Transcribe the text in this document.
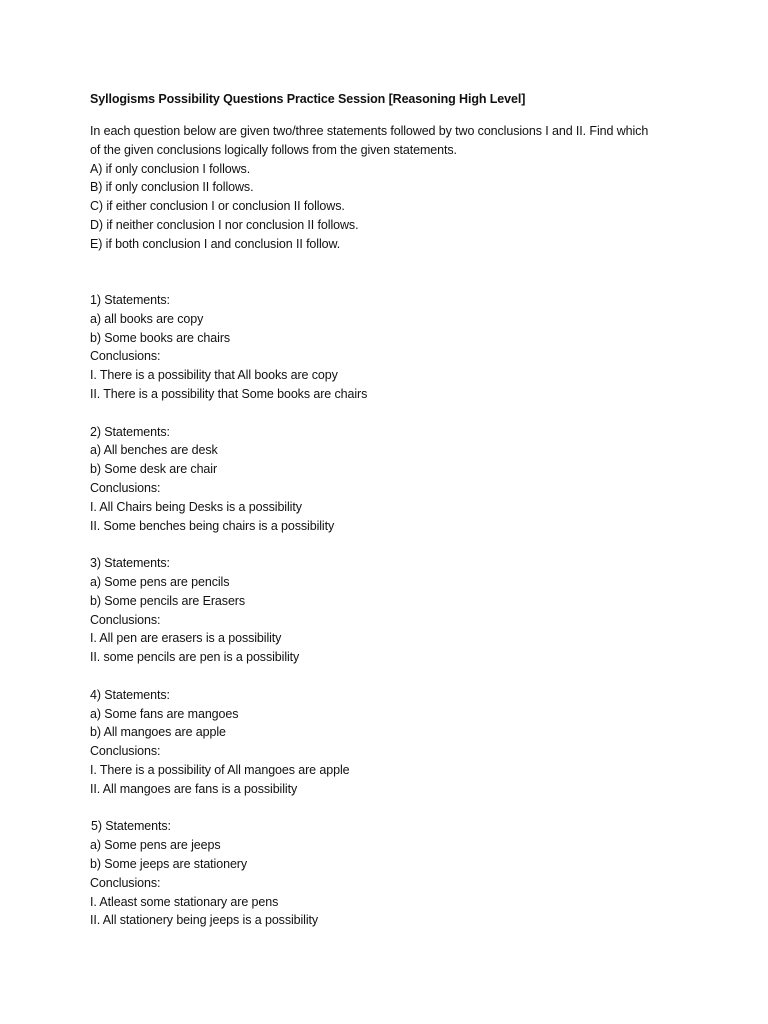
Syllogisms Possibility Questions Practice Session [Reasoning High Level]
In each question below are given two/three statements followed by two conclusions I and II. Find which
of the given conclusions logically follows from the given statements.
A) if only conclusion I follows.
B) if only conclusion II follows.
C) if either conclusion I or conclusion II follows.
D) if neither conclusion I nor conclusion II follows.
E) if both conclusion I and conclusion II follow.
1) Statements:
a) all books are copy
b) Some books are chairs
Conclusions:
I. There is a possibility that All books are copy
II. There is a possibility that Some books are chairs
2) Statements:
a) All benches are desk
b) Some desk are chair
Conclusions:
I. All Chairs being Desks is a possibility
II. Some benches being chairs is a possibility
3) Statements:
a) Some pens are pencils
b) Some pencils are Erasers
Conclusions:
I. All pen are erasers is a possibility
II. some pencils are pen is a possibility
4) Statements:
a) Some fans are mangoes
b) All mangoes are apple
Conclusions:
I. There is a possibility of All mangoes are apple
II. All mangoes are fans is a possibility
5) Statements:
a) Some pens are jeeps
b) Some jeeps are stationery
Conclusions:
I. Atleast some stationary are pens
II. All stationery being jeeps is a possibility
